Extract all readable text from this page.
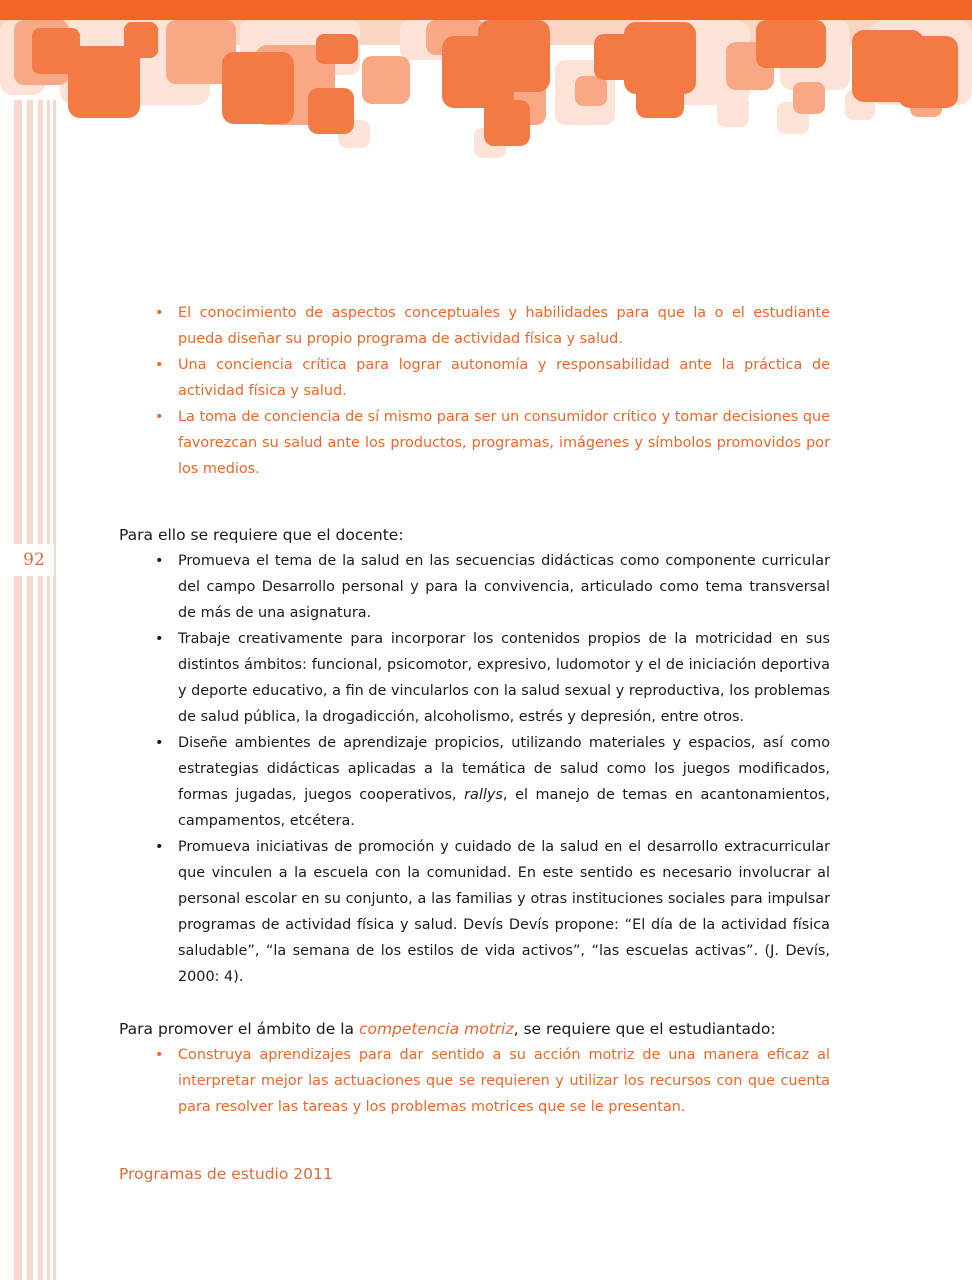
92
• El conocimiento de aspectos conceptuales y habilidades para que la o el estudiante pueda diseñar su propio programa de actividad física y salud.
• Una conciencia crítica para lograr autonomía y responsabilidad ante la práctica de actividad física y salud.
• La toma de conciencia de sí mismo para ser un consumidor crítico y tomar decisiones que favorezcan su salud ante los productos, programas, imágenes y símbolos promovidos por los medios.

Para ello se requiere que el docente:

• Promueva el tema de la salud en las secuencias didácticas como componente curricular del campo Desarrollo personal y para la convivencia, articulado como tema transversal de más de una asignatura.
• Trabaje creativamente para incorporar los contenidos propios de la motricidad en sus distintos ámbitos: funcional, psicomotor, expresivo, ludomotor y el de iniciación deportiva y deporte educativo, a fin de vincularlos con la salud sexual y reproductiva, los problemas de salud pública, la drogadicción, alcoholismo, estrés y depresión, entre otros.
• Diseñe ambientes de aprendizaje propicios, utilizando materiales y espacios, así como estrategias didácticas aplicadas a la temática de salud como los juegos modificados, formas jugadas, juegos cooperativos, rallys, el manejo de temas en acantonamientos, campamentos, etcétera.
• Promueva iniciativas de promoción y cuidado de la salud en el desarrollo extracurricular que vinculen a la escuela con la comunidad. En este sentido es necesario involucrar al personal escolar en su conjunto, a las familias y otras instituciones sociales para impulsar programas de actividad física y salud. Devís Devís propone: “El día de la actividad física saludable”, “la semana de los estilos de vida activos”, “las escuelas activas”. (J. Devís, 2000: 4).

Para promover el ámbito de la competencia motriz, se requiere que el estudiantado:

• Construya aprendizajes para dar sentido a su acción motriz de una manera eficaz al interpretar mejor las actuaciones que se requieren y utilizar los recursos con que cuenta para resolver las tareas y los problemas motrices que se le presentan.
Programas de estudio 2011
